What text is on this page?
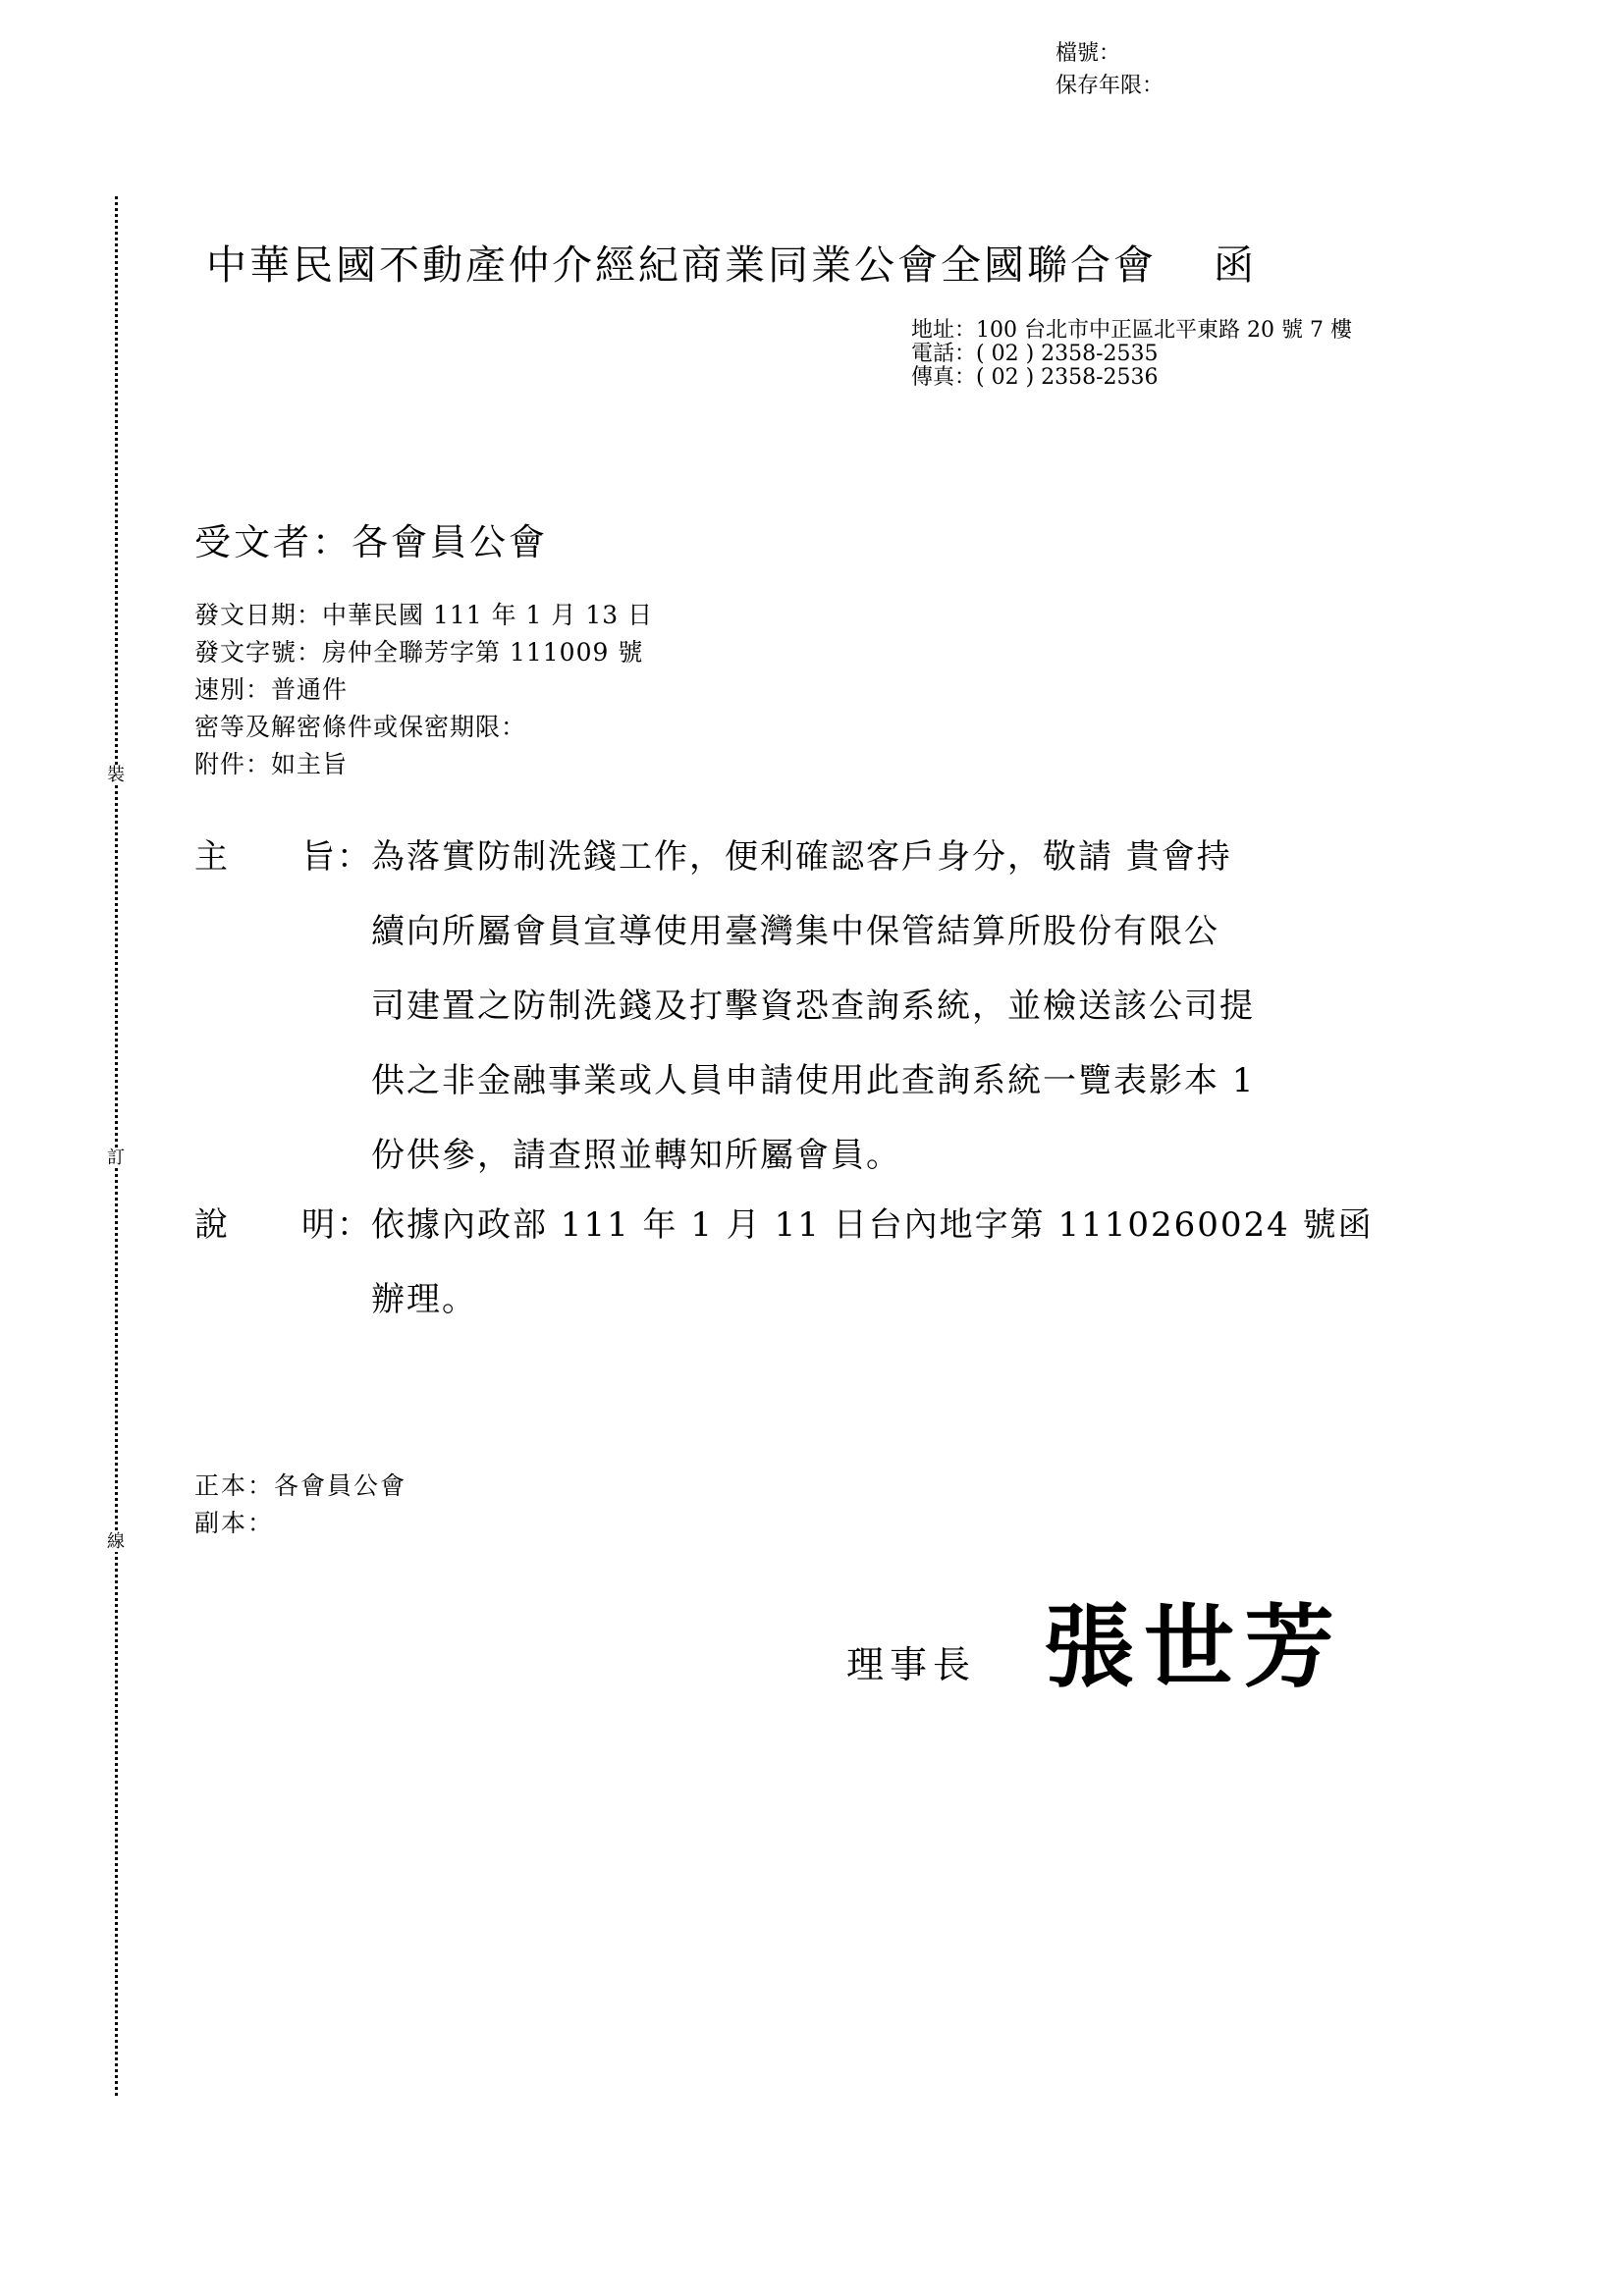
檔號：
保存年限：
裝
訂
線
中華民國不動產仲介經紀商業同業公會全國聯合會 函
地址：100 台北市中正區北平東路 20 號 7 樓
電話：( 02 ) 2358-2535
傳真：( 02 ) 2358-2536
受文者：各會員公會
發文日期：中華民國 111 年 1 月 13 日
發文字號：房仲全聯芳字第 111009 號
速別：普通件
密等及解密條件或保密期限：
附件：如主旨
主旨 ： 為落實防制洗錢工作，便利確認客戶身分，敬請 貴會持
續向所屬會員宣導使用臺灣集中保管結算所股份有限公
司建置之防制洗錢及打擊資恐查詢系統，並檢送該公司提
供之非金融事業或人員申請使用此查詢系統一覽表影本 1
份供參，請查照並轉知所屬會員。
說明 ： 依據內政部 111 年 1 月 11 日台內地字第 1110260024 號函
辦理。
正本：各會員公會
副本：
理事長 張世芳
